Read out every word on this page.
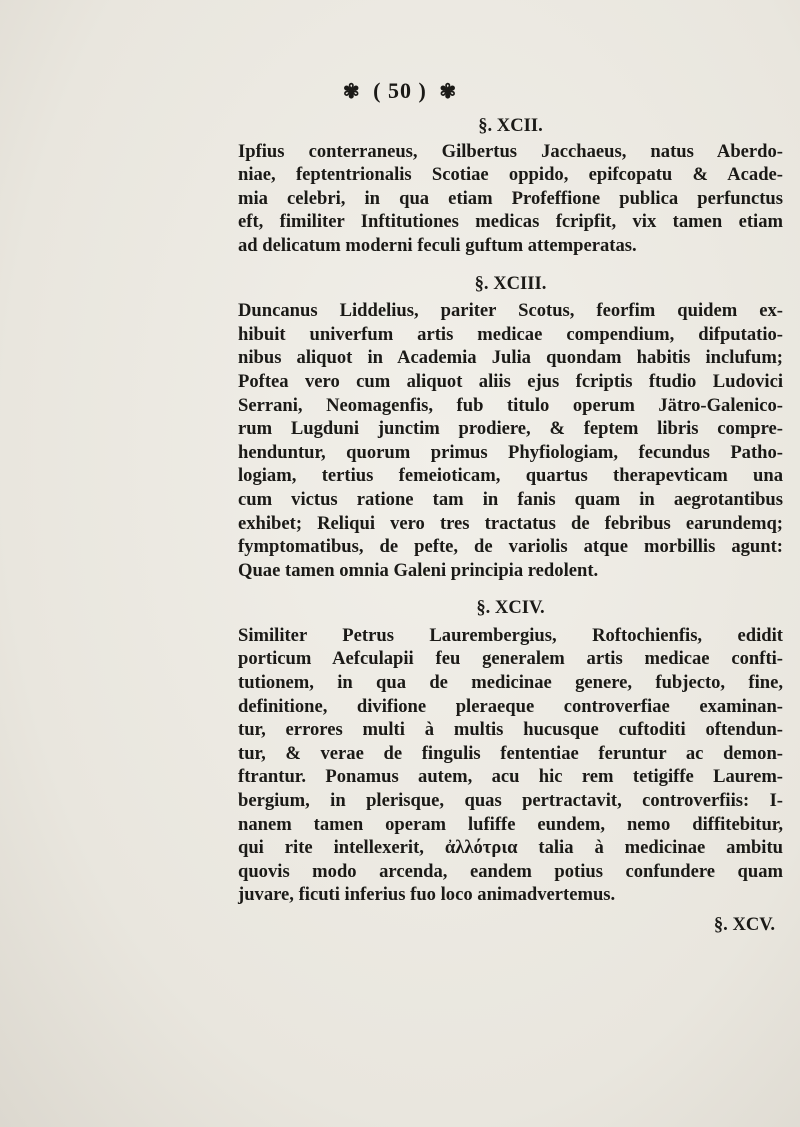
✾ ( 50 ) ✾
§. XCII.
Ipfius conterraneus, Gilbertus Jacchaeus, natus Aberdo-
niae, feptentrionalis Scotiae oppido, epifcopatu & Acade-
mia celebri, in qua etiam Profeffione publica perfunctus
eft, fimiliter Inftitutiones medicas fcripfit, vix tamen etiam
ad delicatum moderni feculi guftum attemperatas.
§. XCIII.
Duncanus Liddelius, pariter Scotus, feorfim quidem ex-
hibuit univerfum artis medicae compendium, difputatio-
nibus aliquot in Academia Julia quondam habitis inclufum;
Poftea vero cum aliquot aliis ejus fcriptis ftudio Ludovici
Serrani, Neomagenfis, fub titulo operum Jätro-Galenico-
rum Lugduni junctim prodiere, & feptem libris compre-
henduntur, quorum primus Phyfiologiam, fecundus Patho-
logiam, tertius femeioticam, quartus therapevticam una
cum victus ratione tam in fanis quam in aegrotantibus
exhibet; Reliqui vero tres tractatus de febribus earundemq;
fymptomatibus, de pefte, de variolis atque morbillis agunt:
Quae tamen omnia Galeni principia redolent.
§. XCIV.
Similiter Petrus Laurembergius, Roftochienfis, edidit
porticum Aefculapii feu generalem artis medicae confti-
tutionem, in qua de medicinae genere, fubjecto, fine,
definitione, divifione pleraeque controverfiae examinan-
tur, errores multi à multis hucusque cuftoditi oftendun-
tur, & verae de fingulis fententiae feruntur ac demon-
ftrantur. Ponamus autem, acu hic rem tetigiffe Laurem-
bergium, in plerisque, quas pertractavit, controverfiis: I-
nanem tamen operam lufiffe eundem, nemo diffitebitur,
qui rite intellexerit, ἀλλότρια talia à medicinae ambitu
quovis modo arcenda, eandem potius confundere quam
juvare, ficuti inferius fuo loco animadvertemus.
§. XCV.
